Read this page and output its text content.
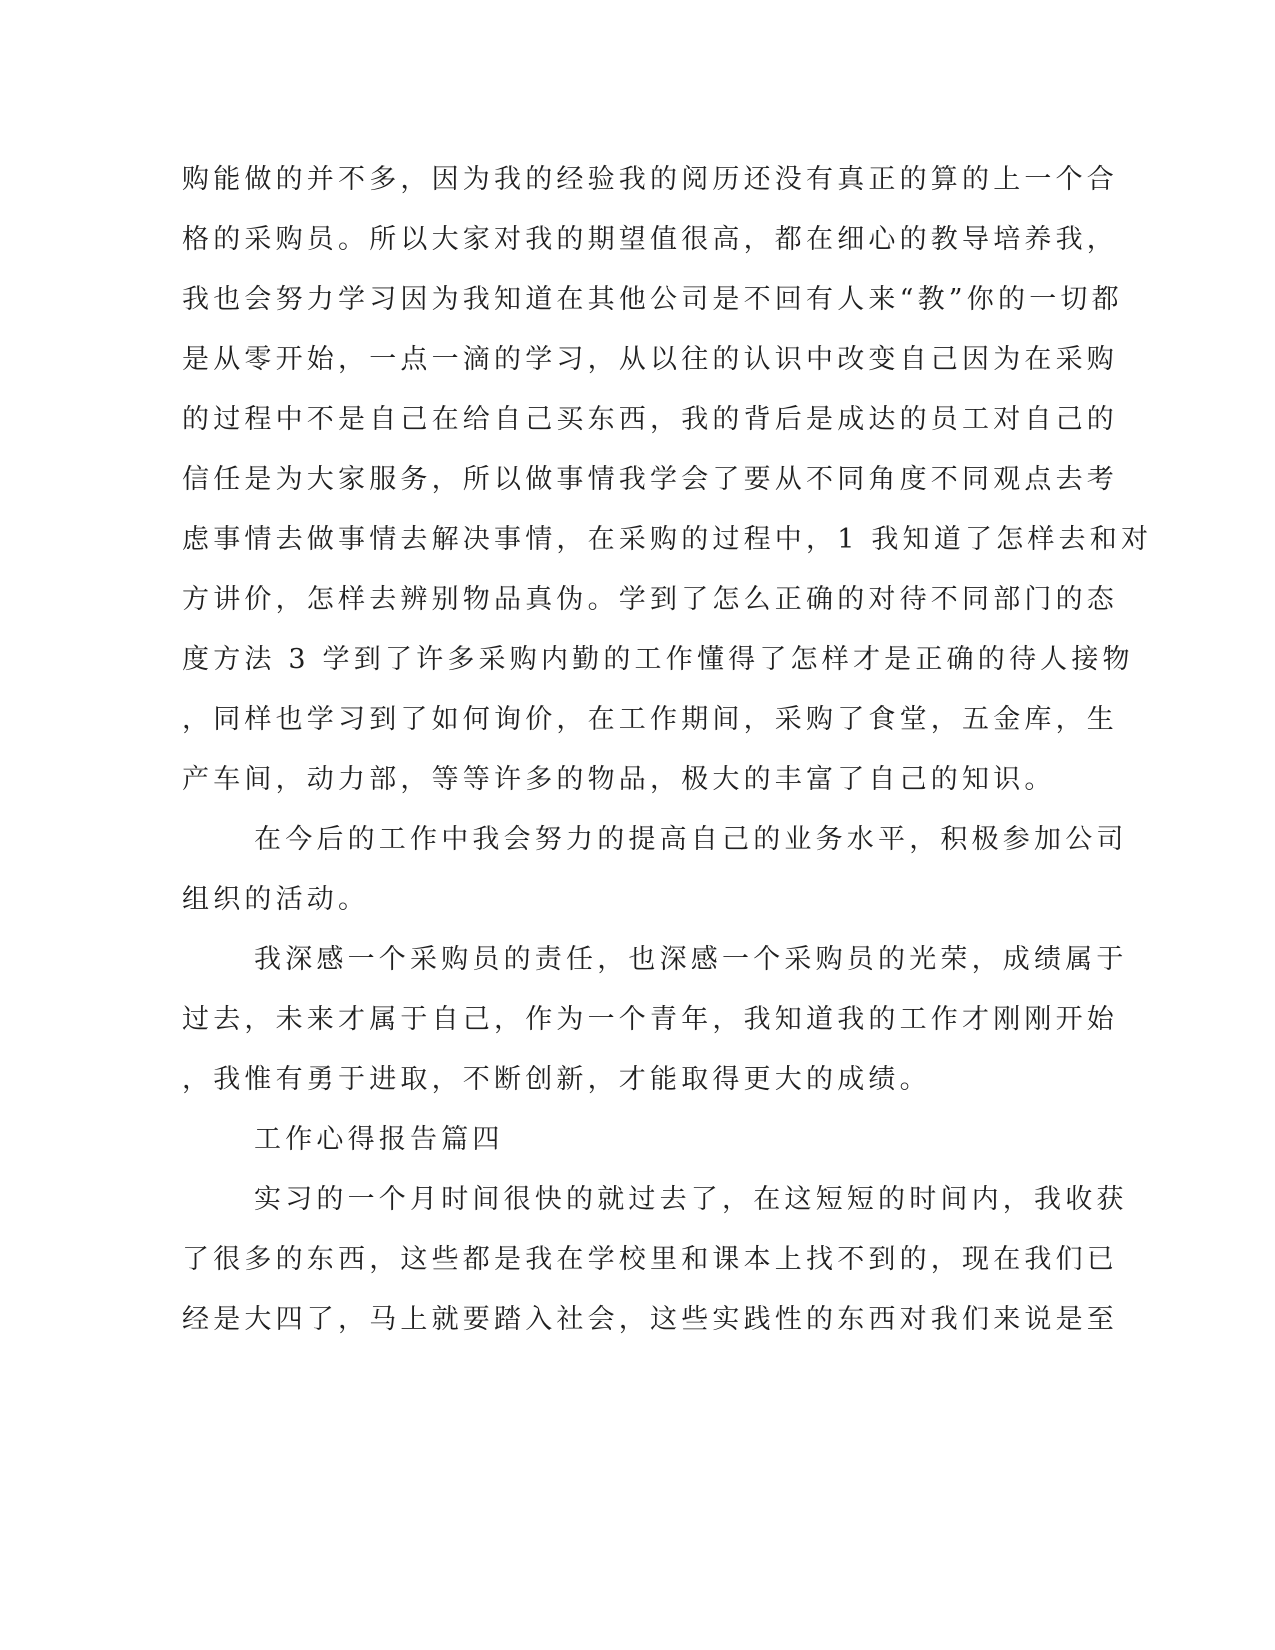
购能做的并不多，因为我的经验我的阅历还没有真正的算的上一个合
格的采购员。所以大家对我的期望值很高，都在细心的教导培养我，
我也会努力学习因为我知道在其他公司是不回有人来“教”你的一切都
是从零开始，一点一滴的学习，从以往的认识中改变自己因为在采购
的过程中不是自己在给自己买东西，我的背后是成达的员工对自己的
信任是为大家服务，所以做事情我学会了要从不同角度不同观点去考
虑事情去做事情去解决事情，在采购的过程中，1 我知道了怎样去和对
方讲价，怎样去辨别物品真伪。学到了怎么正确的对待不同部门的态
度方法 3 学到了许多采购内勤的工作懂得了怎样才是正确的待人接物
，同样也学习到了如何询价，在工作期间，采购了食堂，五金库，生
产车间，动力部，等等许多的物品，极大的丰富了自己的知识。
在今后的工作中我会努力的提高自己的业务水平，积极参加公司
组织的活动。
我深感一个采购员的责任，也深感一个采购员的光荣，成绩属于
过去，未来才属于自己，作为一个青年，我知道我的工作才刚刚开始
，我惟有勇于进取，不断创新，才能取得更大的成绩。
工作心得报告篇四
实习的一个月时间很快的就过去了，在这短短的时间内，我收获
了很多的东西，这些都是我在学校里和课本上找不到的，现在我们已
经是大四了，马上就要踏入社会，这些实践性的东西对我们来说是至
